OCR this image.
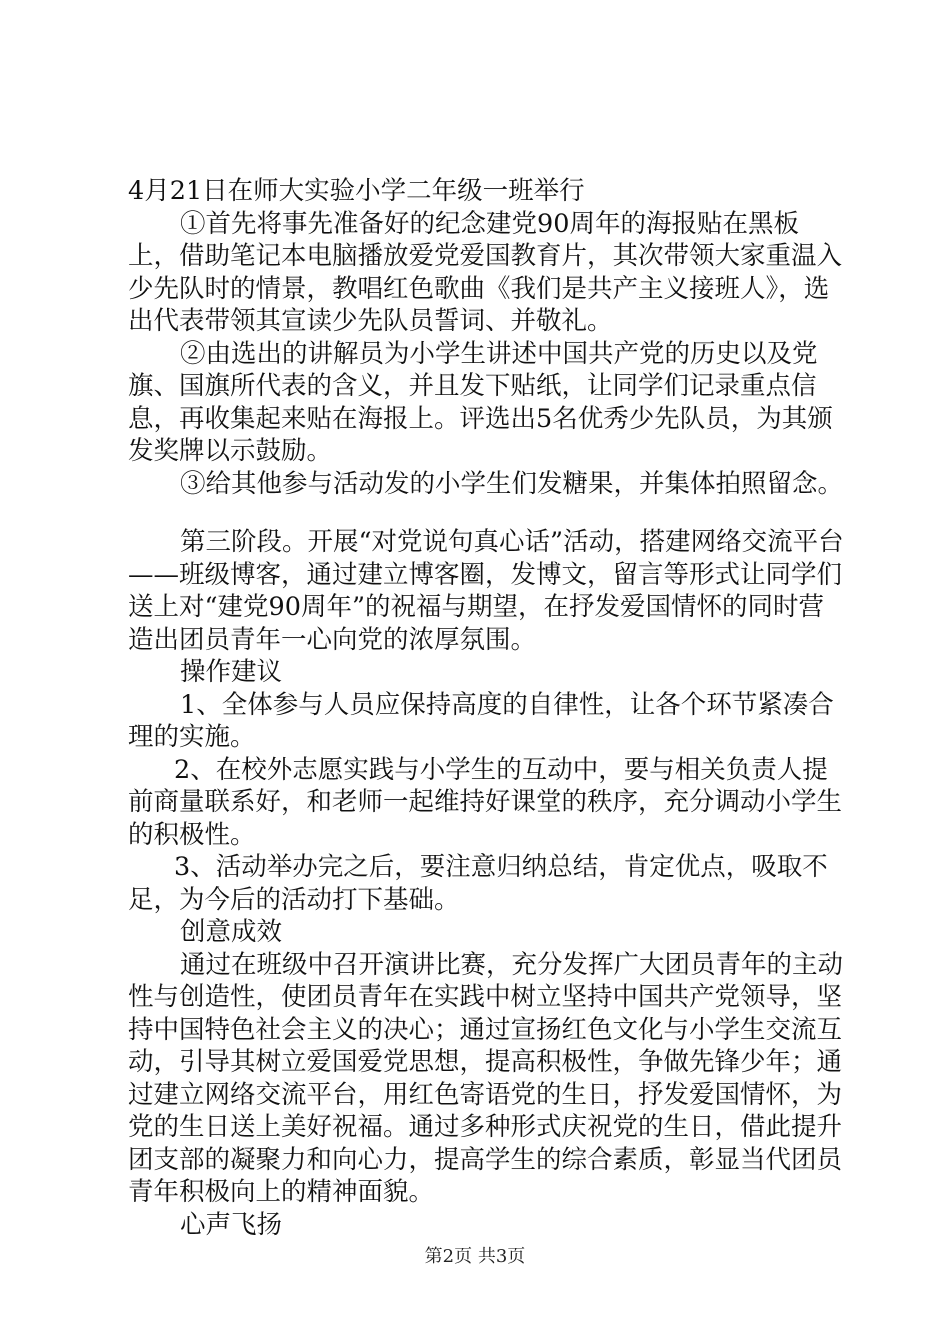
4月21日在师大实验小学二年级一班举行

①首先将事先准备好的纪念建党90周年的海报贴在黑板上，借助笔记本电脑播放爱党爱国教育片，其次带领大家重温入少先队时的情景，教唱红色歌曲《我们是共产主义接班人》，选出代表带领其宣读少先队员誓词、并敬礼。

②由选出的讲解员为小学生讲述中国共产党的历史以及党旗、国旗所代表的含义，并且发下贴纸，让同学们记录重点信息，再收集起来贴在海报上。评选出5名优秀少先队员，为其颁发奖牌以示鼓励。

③给其他参与活动发的小学生们发糖果，并集体拍照留念。

第三阶段。开展“对党说句真心话”活动，搭建网络交流平台——班级博客，通过建立博客圈，发博文，留言等形式让同学们送上对“建党90周年”的祝福与期望，在抒发爱国情怀的同时营造出团员青年一心向党的浓厚氛围。

操作建议

1、全体参与人员应保持高度的自律性，让各个环节紧凑合理的实施。

2、在校外志愿实践与小学生的互动中，要与相关负责人提前商量联系好，和老师一起维持好课堂的秩序，充分调动小学生的积极性。

3、活动举办完之后，要注意归纳总结，肯定优点，吸取不足，为今后的活动打下基础。

创意成效

通过在班级中召开演讲比赛，充分发挥广大团员青年的主动性与创造性，使团员青年在实践中树立坚持中国共产党领导，坚持中国特色社会主义的决心；通过宣扬红色文化与小学生交流互动，引导其树立爱国爱党思想，提高积极性，争做先锋少年；通过建立网络交流平台，用红色寄语党的生日，抒发爱国情怀，为党的生日送上美好祝福。通过多种形式庆祝党的生日，借此提升团支部的凝聚力和向心力，提高学生的综合素质，彰显当代团员青年积极向上的精神面貌。

心声飞扬

第2页 共3页
